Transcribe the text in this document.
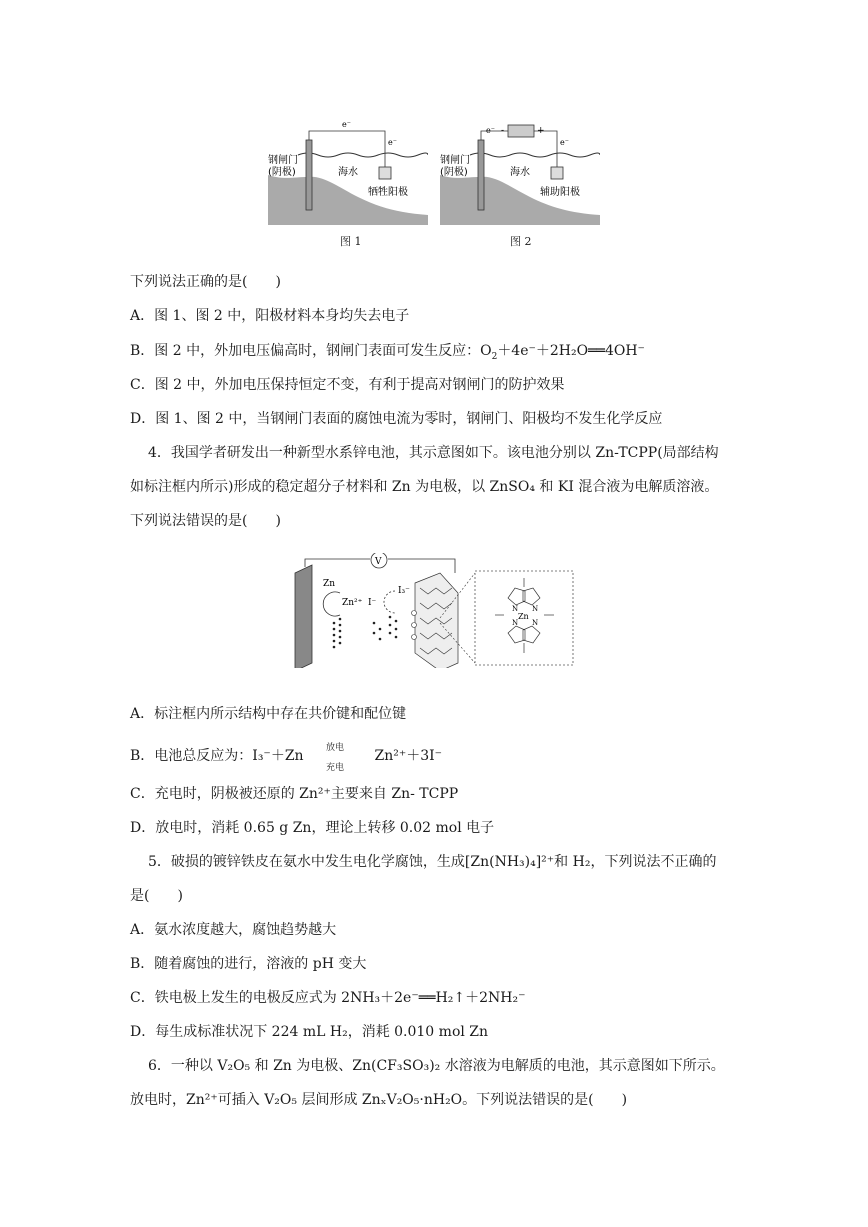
e⁻
e⁻
钢闸门
(阴极)	海水
牺牲阳极
图 1
e⁻
e⁻
-	+
钢闸门
(阴极)	海水
辅助阳极
图 2
下列说法正确的是(　　)
A．图 1、图 2 中，阳极材料本身均失去电子
B．图 2 中，外加电压偏高时，钢闸门表面可发生反应：$O_2+4e^-+2H_2O══4OH^-$
C．图 2 中，外加电压保持恒定不变，有利于提高对钢闸门的防护效果
D．图 1、图 2 中，当钢闸门表面的腐蚀电流为零时，钢闸门、阳极均不发生化学反应
4．我国学者研发出一种新型水系锌电池，其示意图如下。该电池分别以 Zn-TCPP(局部结构
如标注框内所示)形成的稳定超分子材料和 Zn 为电极，以 ZnSO₄ 和 KI 混合液为电解质溶液。
下列说法错误的是(　　)
V
Zn
Zn²⁺ I⁻
I₃⁻
N N
N N
Zn
A．标注框内所示结构中存在共价键和配位键
B．电池总反应为：I₃⁻＋Zn 放电
充电
Zn²⁺＋3I⁻
C．充电时，阴极被还原的 Zn²⁺主要来自 Zn- TCPP
D．放电时，消耗 0.65 g Zn，理论上转移 0.02 mol 电子
5．破损的镀锌铁皮在氨水中发生电化学腐蚀，生成[Zn(NH₃)₄]²⁺和 H₂，下列说法不正确的
是(　　)
A．氨水浓度越大，腐蚀趋势越大
B．随着腐蚀的进行，溶液的 pH 变大
C．铁电极上发生的电极反应式为 2NH₃＋2e⁻══H₂↑＋2NH₂⁻
D．每生成标准状况下 224 mL H₂，消耗 0.010 mol Zn
6．一种以 V₂O₅ 和 Zn 为电极、Zn(CF₃SO₃)₂ 水溶液为电解质的电池，其示意图如下所示。
放电时，Zn²⁺可插入 V₂O₅ 层间形成 ZnₓV₂O₅·nH₂O。下列说法错误的是(　　)
